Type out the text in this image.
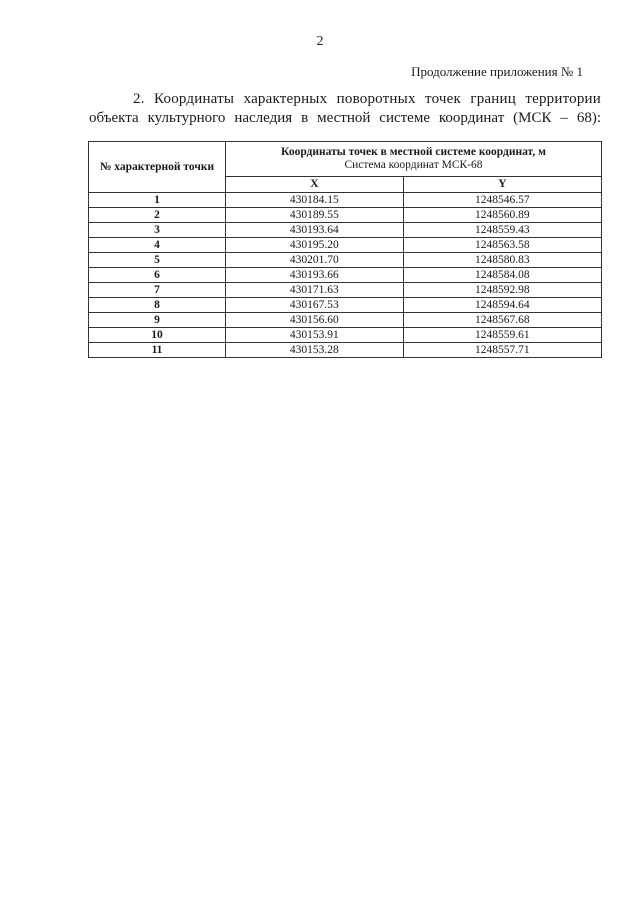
2
Продолжение приложения № 1
2. Координаты характерных поворотных точек границ территории
объекта культурного наследия в местной системе координат (МСК – 68):
№ характерной точки	Координаты точек в местной системе координат, м
Система координат МСК-68	

	X	Y
1	430184.15	1248546.57
2	430189.55	1248560.89
3	430193.64	1248559.43
4	430195.20	1248563.58
5	430201.70	1248580.83
6	430193.66	1248584.08
7	430171.63	1248592.98
8	430167.53	1248594.64
9	430156.60	1248567.68
10	430153.91	1248559.61
11	430153.28	1248557.71
